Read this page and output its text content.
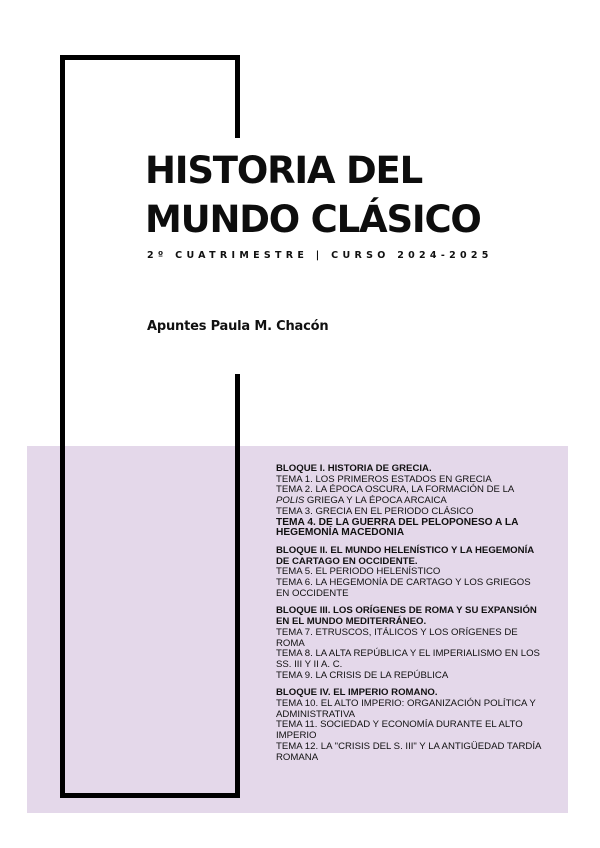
HISTORIA DEL
MUNDO CLÁSICO

2º CUATRIMESTRE | CURSO 2024-2025

Apuntes Paula M. Chacón

BLOQUE I. HISTORIA DE GRECIA.
TEMA 1. LOS PRIMEROS ESTADOS EN GRECIA
TEMA 2. LA ÉPOCA OSCURA, LA FORMACIÓN DE LA
POLIS GRIEGA Y LA ÉPOCA ARCAICA
TEMA 3. GRECIA EN EL PERIODO CLÁSICO
TEMA 4. DE LA GUERRA DEL PELOPONESO A LA HEGEMONÍA MACEDONIA
BLOQUE II. EL MUNDO HELENÍSTICO Y LA HEGEMONÍA DE CARTAGO EN OCCIDENTE.
TEMA 5. EL PERIODO HELENÍSTICO
TEMA 6. LA HEGEMONÍA DE CARTAGO Y LOS GRIEGOS EN OCCIDENTE
BLOQUE III. LOS ORÍGENES DE ROMA Y SU EXPANSIÓN EN EL MUNDO MEDITERRÁNEO.
TEMA 7. ETRUSCOS, ITÁLICOS Y LOS ORÍGENES DE ROMA
TEMA 8. LA ALTA REPÚBLICA Y EL IMPERIALISMO EN LOS SS. III Y II A. C.
TEMA 9. LA CRISIS DE LA REPÚBLICA
BLOQUE IV. EL IMPERIO ROMANO.
TEMA 10. EL ALTO IMPERIO: ORGANIZACIÓN POLÍTICA Y ADMINISTRATIVA
TEMA 11. SOCIEDAD Y ECONOMÍA DURANTE EL ALTO IMPERIO
TEMA 12. LA "CRISIS DEL S. III" Y LA ANTIGÜEDAD TARDÍA ROMANA
